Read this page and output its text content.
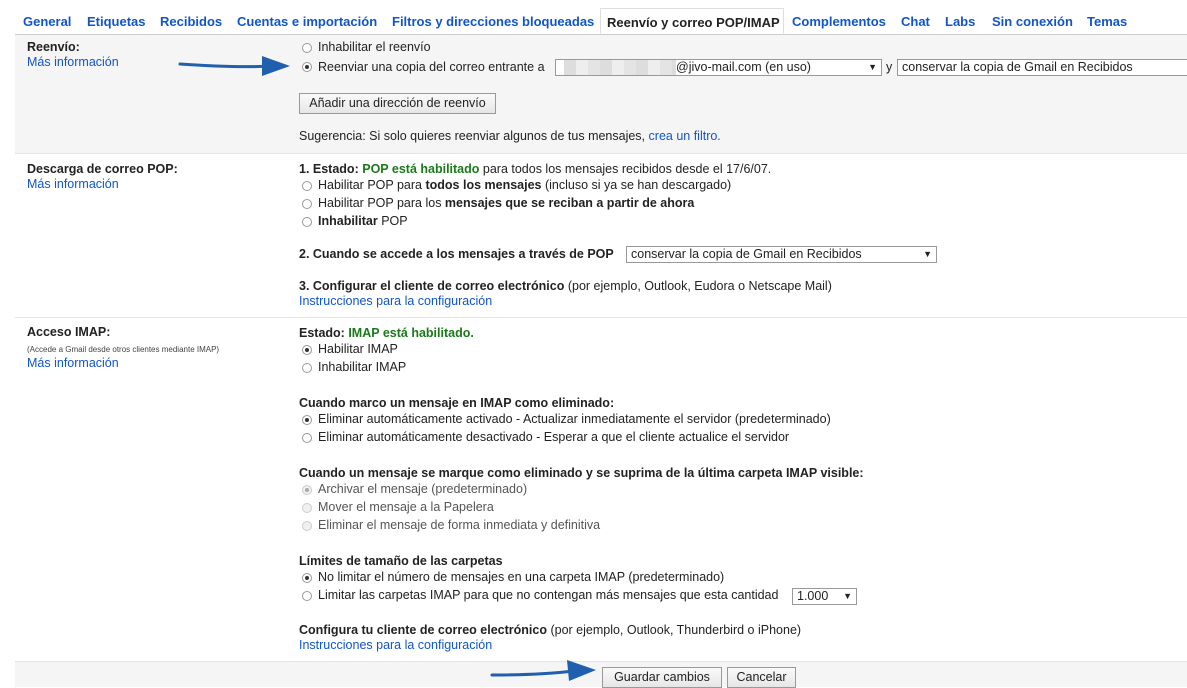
General Etiquetas Recibidos Cuentas e importación Filtros y direcciones bloqueadas Reenvío y correo POP/IMAP Complementos Chat Labs Sin conexión Temas
Reenvío:
Más información
Inhabilitar el reenvío
Reenviar una copia del correo entrante a	@jivo-mail.com (en uso)	▼ y conservar la copia de Gmail en Recibidos
Añadir una dirección de reenvío
Sugerencia: Si solo quieres reenviar algunos de tus mensajes, crea un filtro.
Descarga de correo POP:
Más información
1. Estado: POP está habilitado para todos los mensajes recibidos desde el 17/6/07.
Habilitar POP para todos los mensajes (incluso si ya se han descargado)
Habilitar POP para los mensajes que se reciban a partir de ahora
Inhabilitar POP
2. Cuando se accede a los mensajes a través de POP	conservar la copia de Gmail en Recibidos	▼
3. Configurar el cliente de correo electrónico (por ejemplo, Outlook, Eudora o Netscape Mail)
Instrucciones para la configuración
Acceso IMAP:
(Accede a Gmail desde otros clientes mediante IMAP)
Más información
Estado: IMAP está habilitado.
Habilitar IMAP
Inhabilitar IMAP
Cuando marco un mensaje en IMAP como eliminado:
Eliminar automáticamente activado - Actualizar inmediatamente el servidor (predeterminado)
Eliminar automáticamente desactivado - Esperar a que el cliente actualice el servidor
Cuando un mensaje se marque como eliminado y se suprima de la última carpeta IMAP visible:
Archivar el mensaje (predeterminado)
Mover el mensaje a la Papelera
Eliminar el mensaje de forma inmediata y definitiva
Límites de tamaño de las carpetas
No limitar el número de mensajes en una carpeta IMAP (predeterminado)
Limitar las carpetas IMAP para que no contengan más mensajes que esta cantidad	1.000 ▼
Configura tu cliente de correo electrónico (por ejemplo, Outlook, Thunderbird o iPhone)
Instrucciones para la configuración
Guardar cambios	Cancelar
